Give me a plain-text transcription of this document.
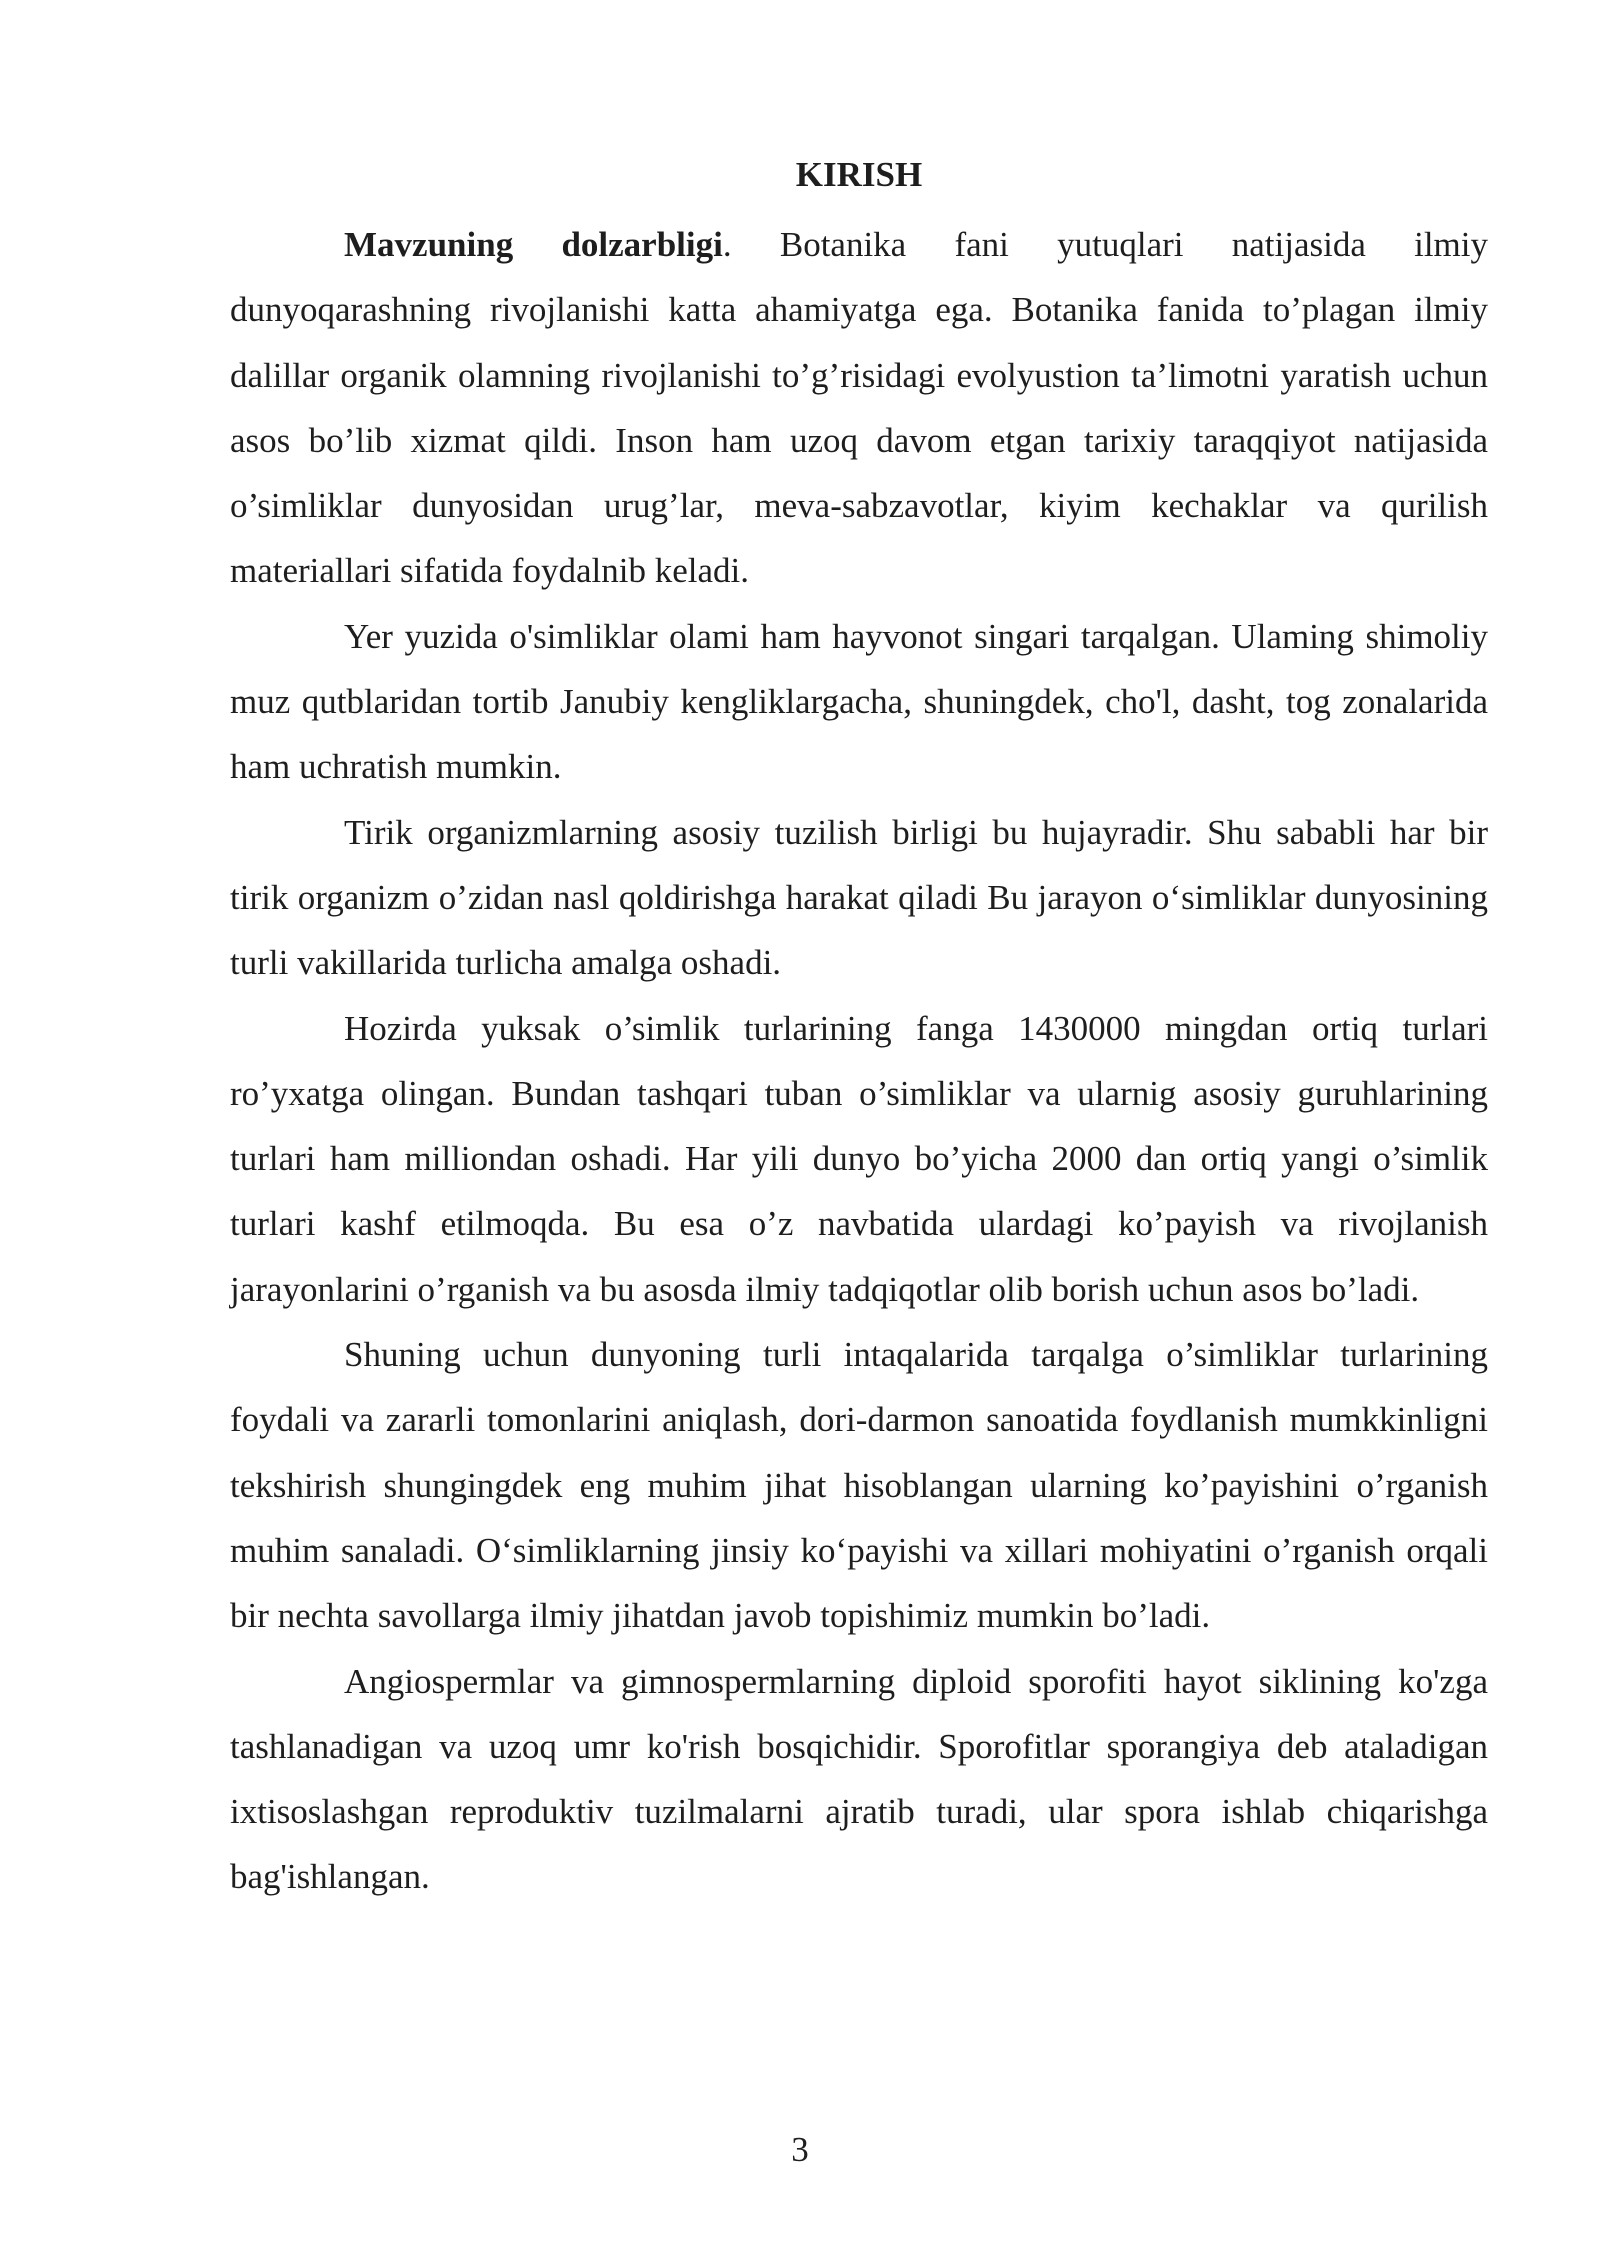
KIRISH

Mavzuning dolzarbligi. Botanika fani yutuqlari natijasida ilmiy dunyoqarashning rivojlanishi katta ahamiyatga ega. Botanika fanida to’plagan ilmiy dalillar organik olamning rivojlanishi to’g’risidagi evolyustion ta’limotni yaratish uchun asos bo’lib xizmat qildi. Inson ham uzoq davom etgan tarixiy taraqqiyot natijasida o’simliklar dunyosidan urug’lar, meva-sabzavotlar, kiyim kechaklar va qurilish materiallari sifatida foydalnib keladi.

Yer yuzida o'simliklar olami ham hayvonot singari tarqalgan. Ulaming shimoliy muz qutblaridan tortib Janubiy kengliklargacha, shuningdek, cho'l, dasht, tog zonalarida ham uchratish mumkin.

Tirik organizmlarning asosiy tuzilish birligi bu hujayradir. Shu sababli har bir tirik organizm o’zidan nasl qoldirishga harakat qiladi Bu jarayon o‘simliklar dunyosining turli vakillarida turlicha amalga oshadi.

Hozirda yuksak o’simlik turlarining fanga 1430000 mingdan ortiq turlari ro’yxatga olingan. Bundan tashqari tuban o’simliklar va ularnig asosiy guruhlarining turlari ham milliondan oshadi. Har yili dunyo bo’yicha 2000 dan ortiq yangi o’simlik turlari kashf etilmoqda. Bu esa o’z navbatida ulardagi ko’payish va rivojlanish jarayonlarini o’rganish va bu asosda ilmiy tadqiqotlar olib borish uchun asos bo’ladi.

Shuning uchun dunyoning turli intaqalarida tarqalga o’simliklar turlarining foydali va zararli tomonlarini aniqlash, dori-darmon sanoatida foydlanish mumkkinligni tekshirish shungingdek eng muhim jihat hisoblangan ularning ko’payishini o’rganish muhim sanaladi. O‘simliklarning jinsiy ko‘payishi va xillari mohiyatini o’rganish orqali bir nechta savollarga ilmiy jihatdan javob topishimiz mumkin bo’ladi.

Angiospermlar va gimnospermlarning diploid sporofiti hayot siklining ko'zga tashlanadigan va uzoq umr ko'rish bosqichidir. Sporofitlar sporangiya deb ataladigan ixtisoslashgan reproduktiv tuzilmalarni ajratib turadi, ular spora ishlab chiqarishga bag'ishlangan.

3
